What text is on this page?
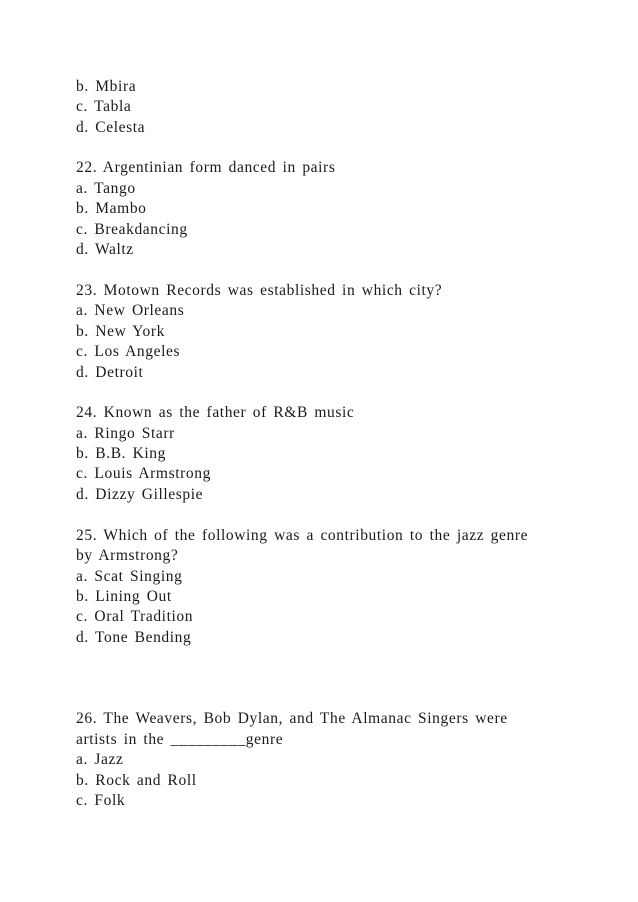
b. Mbira
c. Tabla
d. Celesta
22. Argentinian form danced in pairs
a. Tango
b. Mambo
c. Breakdancing
d. Waltz
23. Motown Records was established in which city?
a. New Orleans
b. New York
c. Los Angeles
d. Detroit
24. Known as the father of R&B music
a. Ringo Starr
b. B.B. King
c. Louis Armstrong
d. Dizzy Gillespie
25. Which of the following was a contribution to the jazz genre
by Armstrong?
a. Scat Singing
b. Lining Out
c. Oral Tradition
d. Tone Bending
26. The Weavers, Bob Dylan, and The Almanac Singers were
artists in the _________genre
a. Jazz
b. Rock and Roll
c. Folk
